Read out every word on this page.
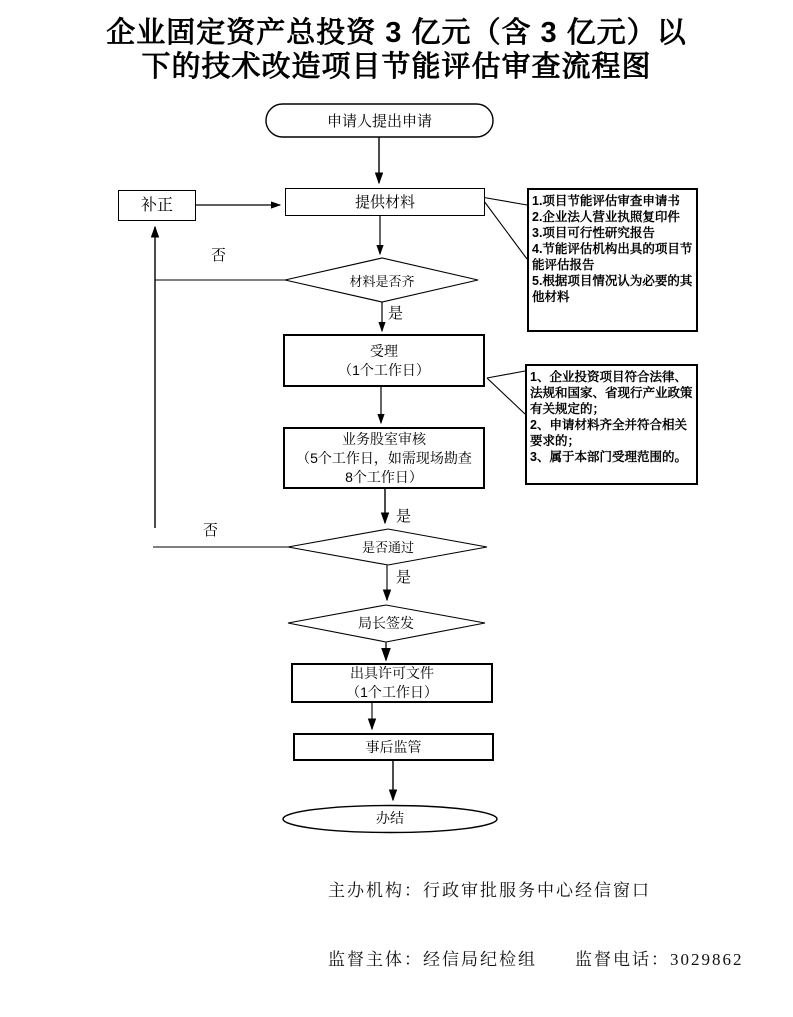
企业固定资产总投资 3 亿元（含 3 亿元）以
下的技术改造项目节能评估审查流程图
申请人提出申请
办结
补正	提供材料
受理
（1个工作日）
业务股室审核
（5个工作日，如需现场勘查
8个工作日）
出具许可文件
（1个工作日）
事后监管
材料是否齐
是否通过
局长签发
否
是
是
否
是
1.项目节能评估审查申请书
2.企业法人营业执照复印件
3.项目可行性研究报告
4.节能评估机构出具的项目节能评估报告
5.根据项目情况认为必要的其他材料
1、企业投资项目符合法律、法规和国家、省现行产业政策有关规定的；
2、申请材料齐全并符合相关要求的；
3、属于本部门受理范围的。

主办机构：行政审批服务中心经信窗口

监督主体：经信局纪检组　　监督电话：3029862
